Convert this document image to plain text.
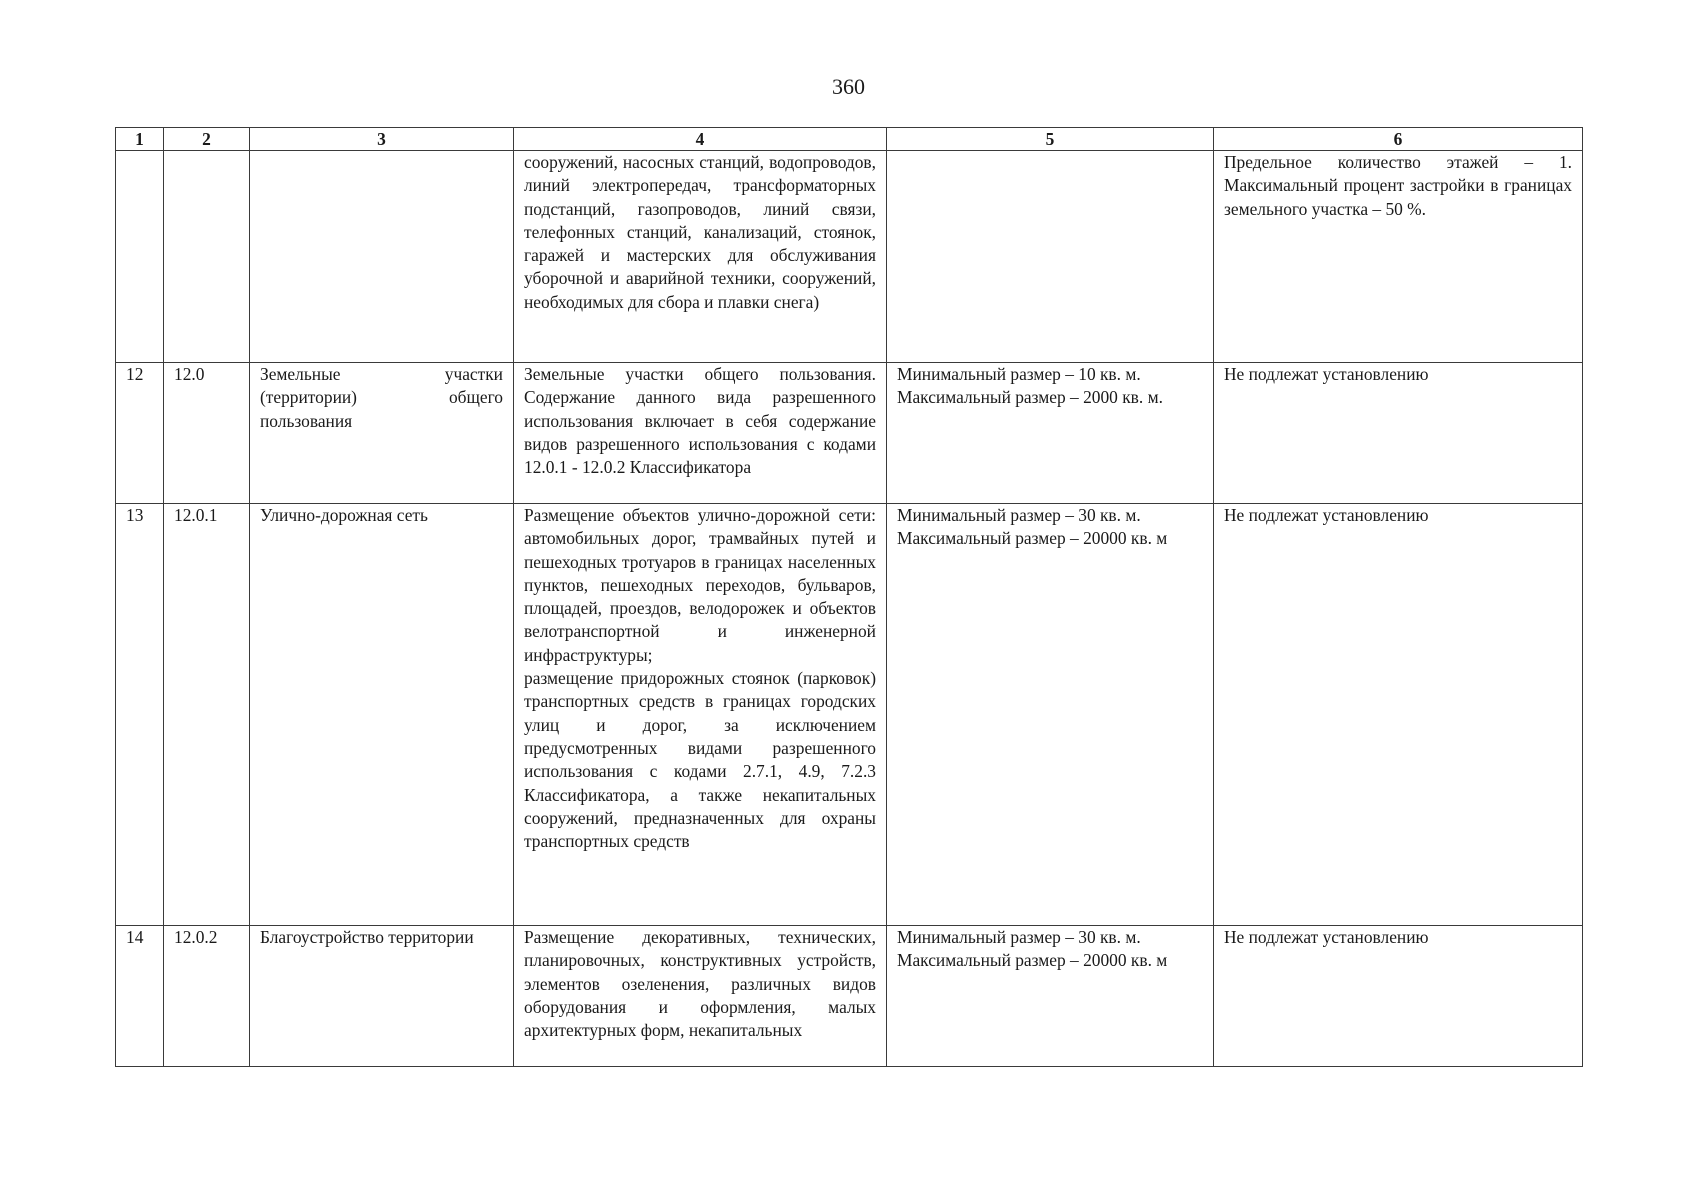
360
1	2	3	4	5	6
			сооружений, насосных станций, водопроводов, линий электропередач, трансформаторных подстанций, газопроводов, линий связи, телефонных станций, канализаций, стоянок, гаражей и мастерских для обслуживания уборочной и аварийной техники, сооружений, необходимых для сбора и плавки снега)		Предельное количество этажей – 1. Максимальный процент застройки в границах земельного участка – 50 %.
12	12.0	Земельные участки (территории) общего пользования	Земельные участки общего пользования. Содержание данного вида разрешенного использования включает в себя содержание видов разрешенного использования с кодами 12.0.1 - 12.0.2 Классификатора	Минимальный размер – 10 кв. м. Максимальный размер – 2000 кв. м.	Не подлежат установлению
13	12.0.1	Улично-дорожная сеть	Размещение объектов улично-дорожной сети: автомобильных дорог, трамвайных путей и пешеходных тротуаров в границах населенных пунктов, пешеходных переходов, бульваров, площадей, проездов, велодорожек и объектов велотранспортной и инженерной инфраструктуры;

размещение придорожных стоянок (парковок) транспортных средств в границах городских улиц и дорог, за исключением предусмотренных видами разрешенного использования с кодами 2.7.1, 4.9, 7.2.3 Классификатора, а также некапитальных сооружений, предназначенных для охраны транспортных средств	Минимальный размер – 30 кв. м. Максимальный размер – 20000 кв. м	Не подлежат установлению
14	12.0.2	Благоустройство территории	Размещение декоративных, технических, планировочных, конструктивных устройств, элементов озеленения, различных видов оборудования и оформления, малых архитектурных форм, некапитальных	Минимальный размер – 30 кв. м. Максимальный размер – 20000 кв. м	Не подлежат установлению
